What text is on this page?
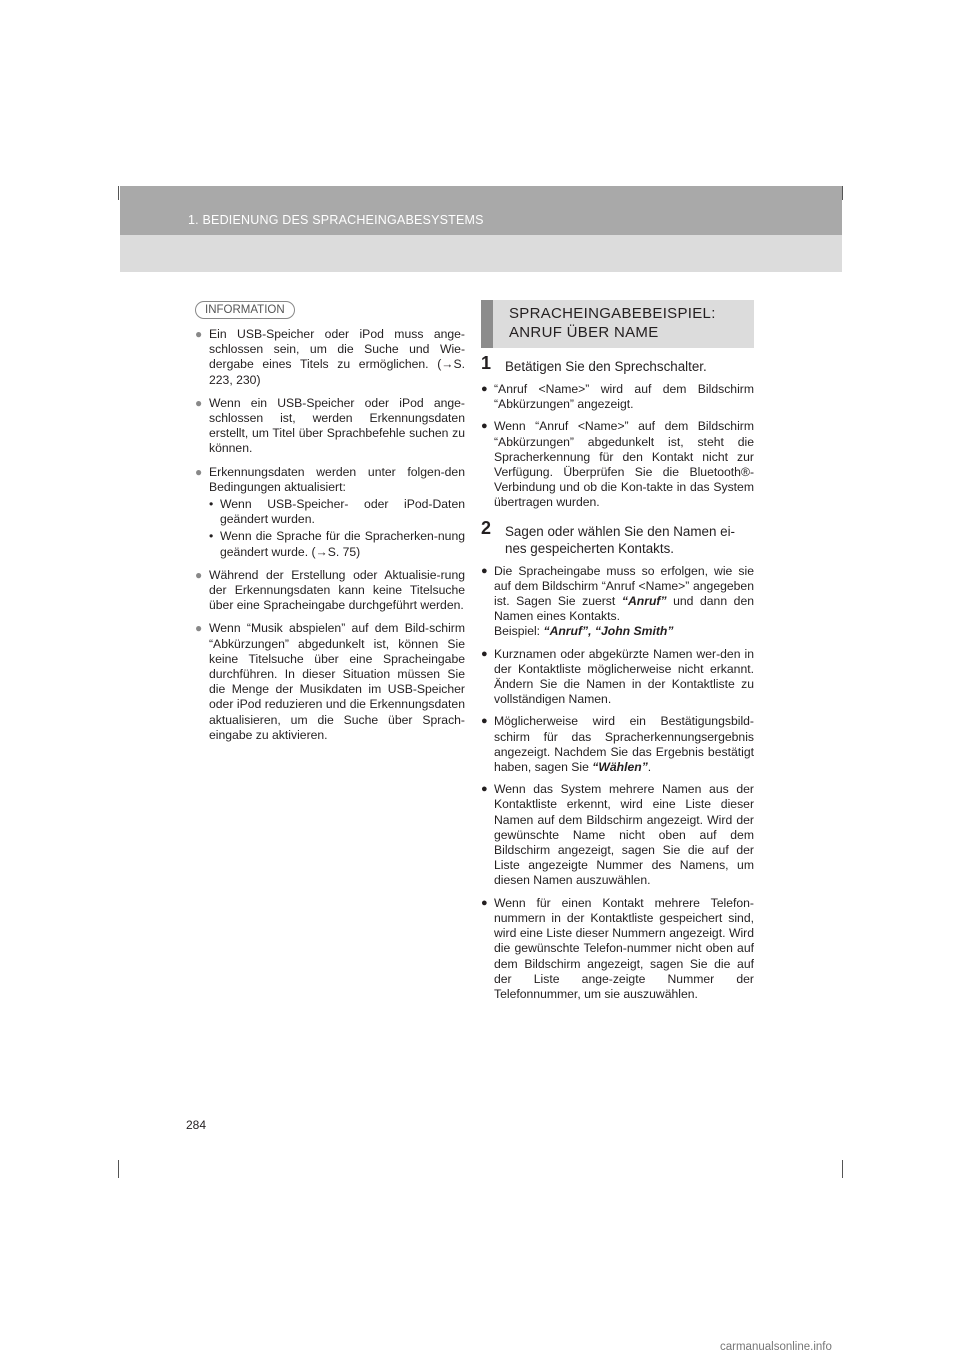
1. BEDIENUNG DES SPRACHEINGABESYSTEMS
INFORMATION
● Ein USB-Speicher oder iPod muss ange-schlossen sein, um die Suche und Wie-dergabe eines Titels zu ermöglichen. (→S. 223, 230)
● Wenn ein USB-Speicher oder iPod ange-schlossen ist, werden Erkennungsdaten erstellt, um Titel über Sprachbefehle suchen zu können.
● Erkennungsdaten werden unter folgen-den Bedingungen aktualisiert:
• Wenn USB-Speicher- oder iPod-Daten geändert wurden.
• Wenn die Sprache für die Spracherken-nung geändert wurde. (→S. 75)
● Während der Erstellung oder Aktualisie-rung der Erkennungsdaten kann keine Titelsuche über eine Spracheingabe durchgeführt werden.
● Wenn “Musik abspielen” auf dem Bild-schirm “Abkürzungen” abgedunkelt ist, können Sie keine Titelsuche über eine Spracheingabe durchführen. In dieser Situation müssen Sie die Menge der Musikdaten im USB-Speicher oder iPod reduzieren und die Erkennungsdaten aktualisieren, um die Suche über Sprach-eingabe zu aktivieren.
SPRACHEINGABEBEISPIEL:
ANRUF ÜBER NAME
1 Betätigen Sie den Sprechschalter.
● “Anruf <Name>” wird auf dem Bildschirm “Abkürzungen” angezeigt.
● Wenn “Anruf <Name>” auf dem Bildschirm “Abkürzungen” abgedunkelt ist, steht die Spracherkennung für den Kontakt nicht zur Verfügung. Überprüfen Sie die Bluetooth®-Verbindung und ob die Kon-takte in das System übertragen wurden.
2 Sagen oder wählen Sie den Namen ei-nes gespeicherten Kontakts.
● Die Spracheingabe muss so erfolgen, wie sie auf dem Bildschirm “Anruf <Name>” angegeben ist. Sagen Sie zuerst “Anruf” und dann den Namen eines Kontakts.
Beispiel: “Anruf”, “John Smith”
● Kurznamen oder abgekürzte Namen wer-den in der Kontaktliste möglicherweise nicht erkannt. Ändern Sie die Namen in der Kontaktliste zu vollständigen Namen.
● Möglicherweise wird ein Bestätigungsbild-schirm für das Spracherkennungsergebnis angezeigt. Nachdem Sie das Ergebnis bestätigt haben, sagen Sie “Wählen”.
● Wenn das System mehrere Namen aus der Kontaktliste erkennt, wird eine Liste dieser Namen auf dem Bildschirm angezeigt. Wird der gewünschte Name nicht oben auf dem Bildschirm angezeigt, sagen Sie die auf der Liste angezeigte Nummer des Namens, um diesen Namen auszuwählen.
● Wenn für einen Kontakt mehrere Telefon-nummern in der Kontaktliste gespeichert sind, wird eine Liste dieser Nummern angezeigt. Wird die gewünschte Telefon-nummer nicht oben auf dem Bildschirm angezeigt, sagen Sie die auf der Liste ange-zeigte Nummer der Telefonnummer, um sie auszuwählen.
284
carmanualsonline.info
